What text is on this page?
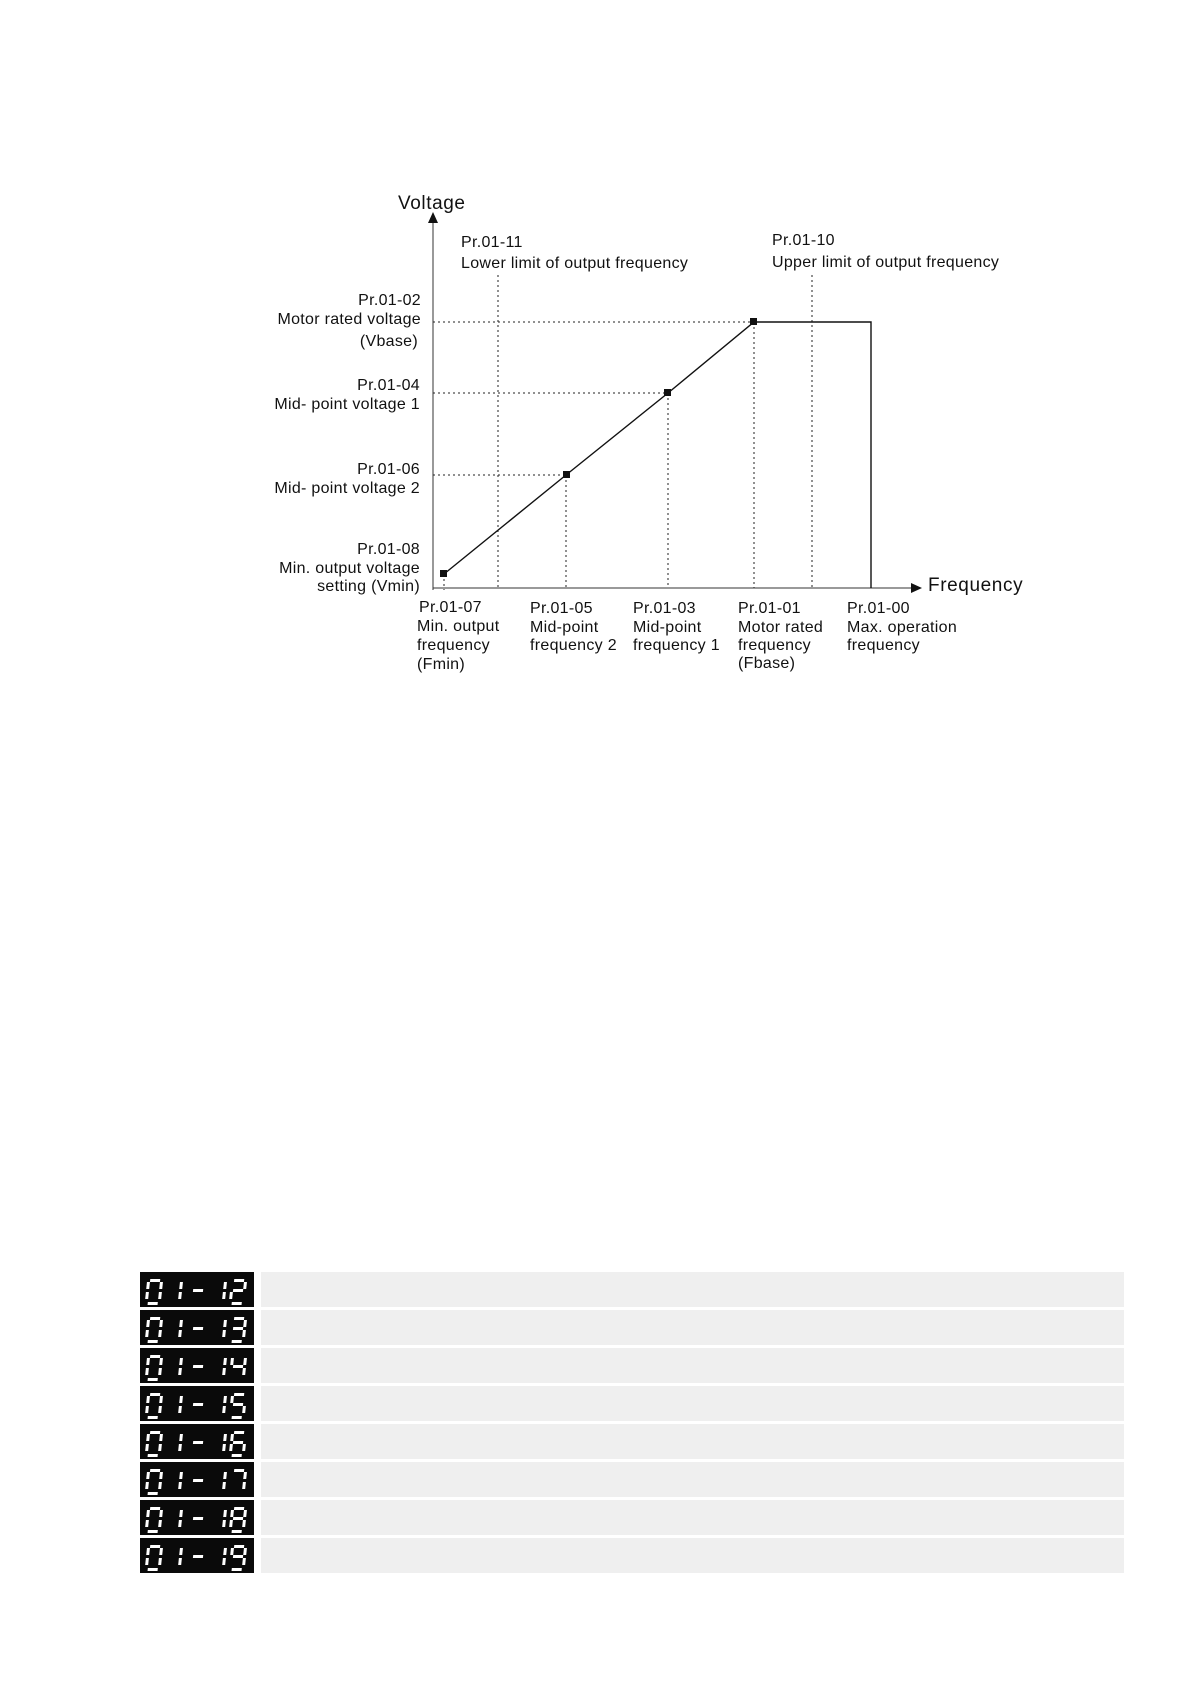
Voltage
Frequency
Pr.01-11
Lower limit of output frequency
Pr.01-10
Upper limit of output frequency
Pr.01-02
Motor rated voltage
(Vbase)
Pr.01-04
Mid- point voltage 1
Pr.01-06
Mid- point voltage 2
Pr.01-08
Min. output voltage
setting (Vmin)
Pr.01-07
Min. output
frequency
(Fmin)
Pr.01-05
Mid-point
frequency 2
Pr.01-03
Mid-point
frequency 1
Pr.01-01
Motor rated
frequency
(Fbase)
Pr.01-00
Max. operation
frequency
